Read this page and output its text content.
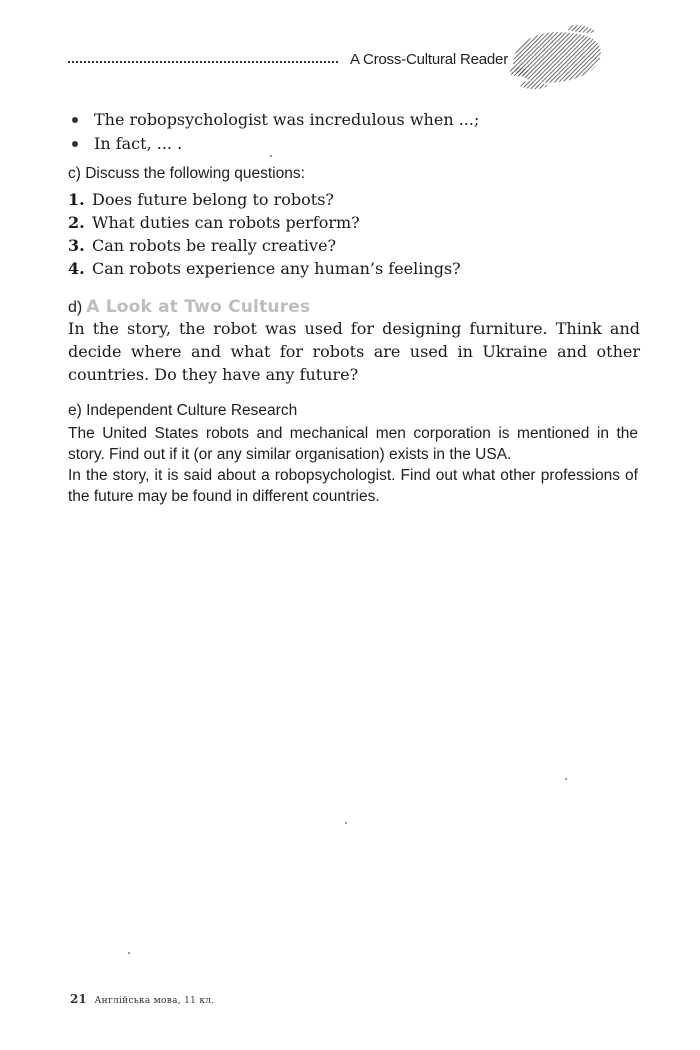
A Cross-Cultural Reader
The robopsychologist was incredulous when ...;
In fact, ... .
c) Discuss the following questions:
1. Does future belong to robots?
2. What duties can robots perform?
3. Can robots be really creative?
4. Can robots experience any human’s feelings?
d) A Look at Two Cultures
In the story, the robot was used for designing furniture. Think and decide where and what for robots are used in Ukraine and other countries. Do they have any future?
e) Independent Culture Research

The United States robots and mechanical men corporation is mentioned in the story. Find out if it (or any similar organisation) exists in the USA.

In the story, it is said about a robopsychologist. Find out what other professions of the future may be found in different countries.

21 Англійська мова, 11 кл.
